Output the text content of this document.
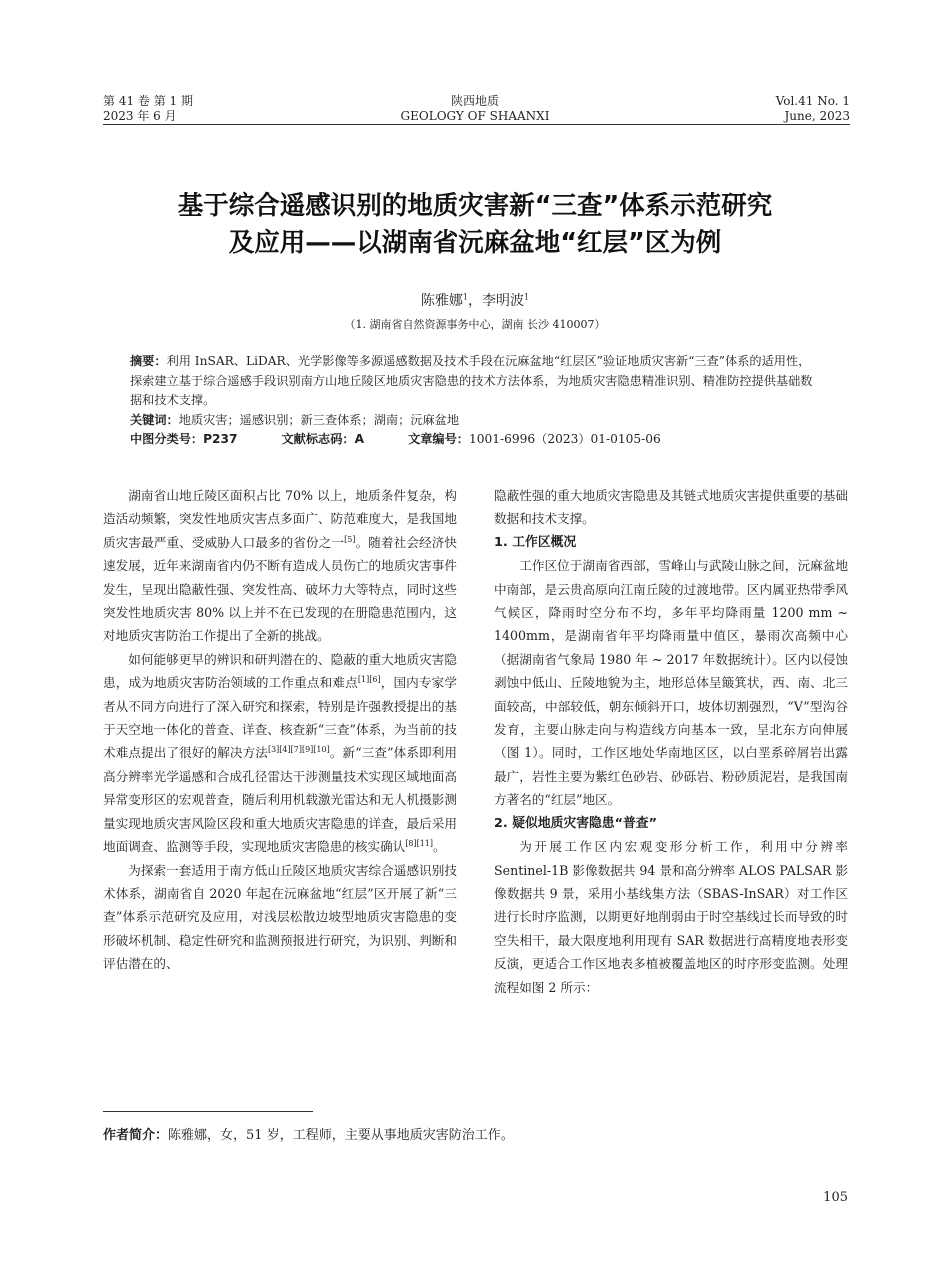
第 41 卷 第 1 期
2023 年 6 月
陕西地质
GEOLOGY OF SHAANXI
Vol.41 No. 1
June, 2023
基于综合遥感识别的地质灾害新“三查”体系示范研究
及应用——以湖南省沅麻盆地“红层”区为例
陈雅娜$^1$，李明波$^1$
（1. 湖南省自然资源事务中心，湖南 长沙 410007）

摘要：利用 InSAR、LiDAR、光学影像等多源遥感数据及技术手段在沅麻盆地“红层区”验证地质灾害新“三查”体系的适用性，探索建立基于综合遥感手段识别南方山地丘陵区地质灾害隐患的技术方法体系，为地质灾害隐患精准识别、精准防控提供基础数据和技术支撑。

关键词：地质灾害；遥感识别；新三查体系；湖南；沅麻盆地

中图分类号：P237	文献标志码：A	文章编号：1001-6996（2023）01-0105-06

湖南省山地丘陵区面积占比 70% 以上，地质条件复杂，构造活动频繁，突发性地质灾害点多面广、防范难度大，是我国地质灾害最严重、受威胁人口最多的省份之一[5]。随着社会经济快速发展，近年来湖南省内仍不断有造成人员伤亡的地质灾害事件发生，呈现出隐蔽性强、突发性高、破坏力大等特点，同时这些突发性地质灾害 80% 以上并不在已发现的在册隐患范围内，这对地质灾害防治工作提出了全新的挑战。

如何能够更早的辨识和研判潜在的、隐蔽的重大地质灾害隐患，成为地质灾害防治领域的工作重点和难点[1][6]，国内专家学者从不同方向进行了深入研究和探索，特别是许强教授提出的基于天空地一体化的普查、详查、核查新“三查”体系，为当前的技术难点提出了很好的解决方法[3][4][7][9][10]。新“三查”体系即利用高分辨率光学遥感和合成孔径雷达干涉测量技术实现区域地面高异常变形区的宏观普查，随后利用机载激光雷达和无人机摄影测量实现地质灾害风险区段和重大地质灾害隐患的详查，最后采用地面调查、监测等手段，实现地质灾害隐患的核实确认[8][11]。

为探索一套适用于南方低山丘陵区地质灾害综合遥感识别技术体系，湖南省自 2020 年起在沅麻盆地“红层”区开展了新“三查”体系示范研究及应用，对浅层松散边坡型地质灾害隐患的变形破坏机制、稳定性研究和监测预报进行研究，为识别、判断和评估潜在的、

隐蔽性强的重大地质灾害隐患及其链式地质灾害提供重要的基础数据和技术支撑。

1. 工作区概况

工作区位于湖南省西部，雪峰山与武陵山脉之间，沅麻盆地中南部，是云贵高原向江南丘陵的过渡地带。区内属亚热带季风气候区，降雨时空分布不均，多年平均降雨量 1200 mm ~ 1400mm，是湖南省年平均降雨量中值区，暴雨次高频中心（据湖南省气象局 1980 年 ~ 2017 年数据统计）。区内以侵蚀剥蚀中低山、丘陵地貌为主，地形总体呈簸箕状，西、南、北三面较高，中部较低，朝东倾斜开口，坡体切割强烈，“V”型沟谷发育，主要山脉走向与构造线方向基本一致，呈北东方向伸展（图 1）。同时，工作区地处华南地区区，以白垩系碎屑岩出露最广，岩性主要为紫红色砂岩、砂砾岩、粉砂质泥岩，是我国南方著名的“红层”地区。

2. 疑似地质灾害隐患“普查”

为开展工作区内宏观变形分析工作，利用中分辨率 Sentinel-1B 影像数据共 94 景和高分辨率 ALOS PALSAR 影像数据共 9 景，采用小基线集方法（SBAS-InSAR）对工作区进行长时序监测，以期更好地削弱由于时空基线过长而导致的时空失相干，最大限度地利用现有 SAR 数据进行高精度地表形变反演，更适合工作区地表多植被覆盖地区的时序形变监测。处理流程如图 2 所示：

作者简介：陈雅娜，女，51 岁，工程师，主要从事地质灾害防治工作。
105
